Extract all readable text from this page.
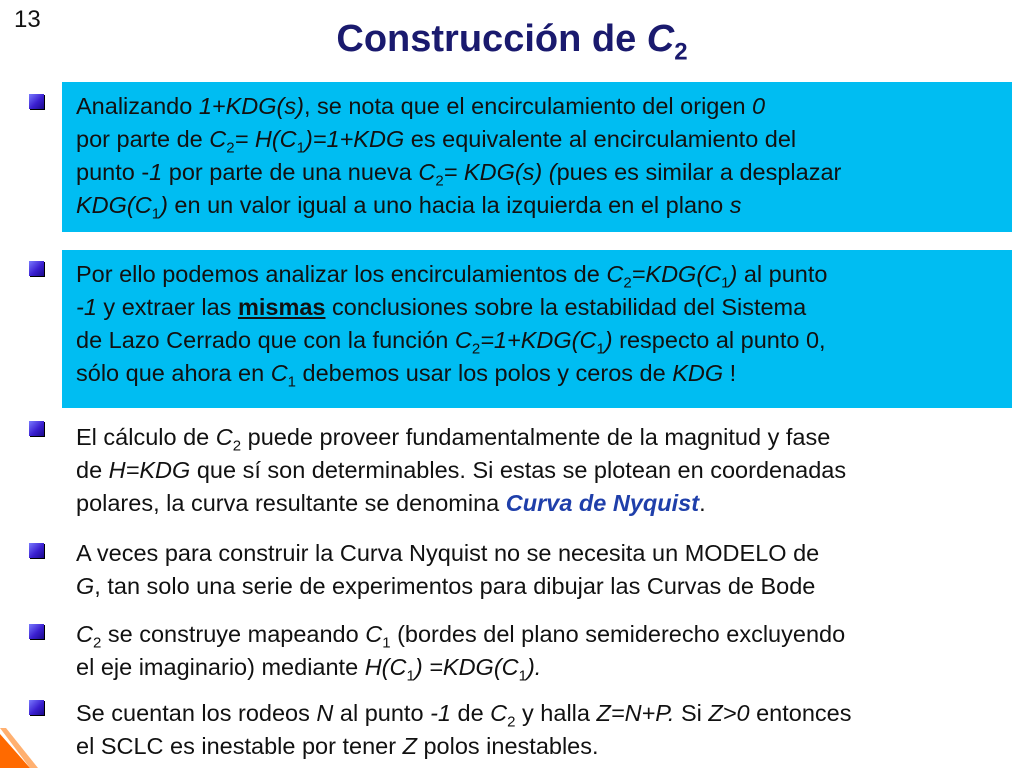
13	Construcción de $C_2$
Analizando 1+KDG(s), se nota que el encirculamiento del origen 0
por parte de $C_2= H(C_1)=1+KDG$ es equivalente al encirculamiento del
punto -1 por parte de una nueva $C_2= KDG(s)$ (pues es similar a desplazar
$KDG(C_1)$ en un valor igual a uno hacia la izquierda en el plano s
Por ello podemos analizar los encirculamientos de $C_2=KDG(C_1)$ al punto
-1 y extraer las mismas conclusiones sobre la estabilidad del Sistema
de Lazo Cerrado que con la función $C_2=1+KDG(C_1)$ respecto al punto 0,
sólo que ahora en $C_1$ debemos usar los polos y ceros de KDG !
El cálculo de $C_2$ puede proveer fundamentalmente de la magnitud y fase
de H=KDG que sí son determinables. Si estas se plotean en coordenadas
polares, la curva resultante se denomina Curva de Nyquist.
A veces para construir la Curva Nyquist no se necesita un MODELO de
G, tan solo una serie de experimentos para dibujar las Curvas de Bode
$C_2$ se construye mapeando $C_1$ (bordes del plano semiderecho excluyendo
el eje imaginario) mediante $H(C_1) =KDG(C_1)$.
Se cuentan los rodeos N al punto -1 de $C_2$ y halla Z=N+P. Si Z>0 entonces
el SCLC es inestable por tener Z polos inestables.
